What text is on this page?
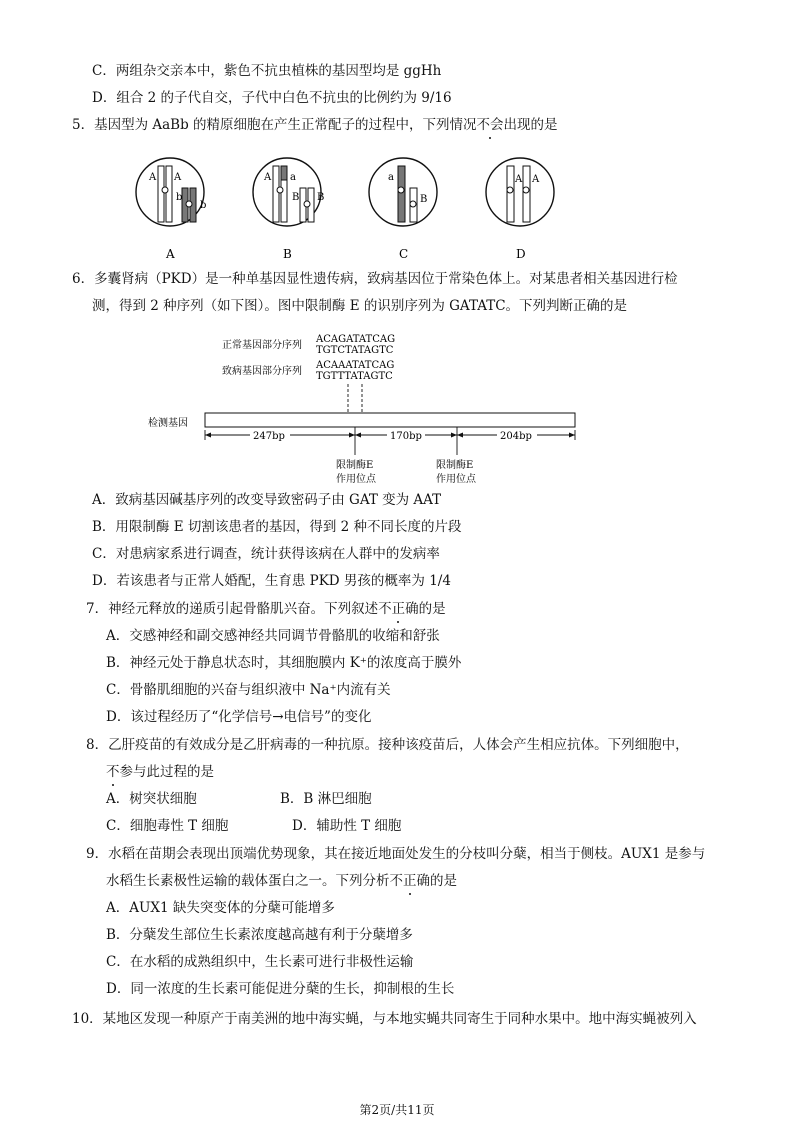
C．两组杂交亲本中，紫色不抗虫植株的基因型均是 ggHh
D．组合 2 的子代自交，子代中白色不抗虫的比例约为 9/16
5．基因型为 AaBb 的精原细胞在产生正常配子的过程中，下列情况不会出现的是
A A
b
b
A
A a
B B
B
a
B
C
A A
D
6．多囊肾病（PKD）是一种单基因显性遗传病，致病基因位于常染色体上。对某患者相关基因进行检
测，得到 2 种序列（如下图）。图中限制酶 E 的识别序列为 GATATC。下列判断正确的是
正常基因部分序列
ACAGATATCAG
TGTCTATAGTC
致病基因部分序列
ACAAATATCAG
TGTTTATAGTC
检测基因
247bp	170bp	204bp
限制酶E
作用位点
限制酶E
作用位点
A．致病基因碱基序列的改变导致密码子由 GAT 变为 AAT
B．用限制酶 E 切割该患者的基因，得到 2 种不同长度的片段
C．对患病家系进行调查，统计获得该病在人群中的发病率
D．若该患者与正常人婚配，生育患 PKD 男孩的概率为 1/4
7．神经元释放的递质引起骨骼肌兴奋。下列叙述不正确的是
A．交感神经和副交感神经共同调节骨骼肌的收缩和舒张
B．神经元处于静息状态时，其细胞膜内 K⁺的浓度高于膜外
C．骨骼肌细胞的兴奋与组织液中 Na⁺内流有关
D．该过程经历了“化学信号→电信号”的变化
8．乙肝疫苗的有效成分是乙肝病毒的一种抗原。接种该疫苗后，人体会产生相应抗体。下列细胞中，
不参与此过程的是
A．树突状细胞	B．B 淋巴细胞
C．细胞毒性 T 细胞	D．辅助性 T 细胞
9．水稻在苗期会表现出顶端优势现象，其在接近地面处发生的分枝叫分蘖，相当于侧枝。AUX1 是参与
水稻生长素极性运输的载体蛋白之一。下列分析不正确的是
A．AUX1 缺失突变体的分蘖可能增多
B．分蘖发生部位生长素浓度越高越有利于分蘖增多
C．在水稻的成熟组织中，生长素可进行非极性运输
D．同一浓度的生长素可能促进分蘖的生长，抑制根的生长
10．某地区发现一种原产于南美洲的地中海实蝇，与本地实蝇共同寄生于同种水果中。地中海实蝇被列入
第2页/共11页
